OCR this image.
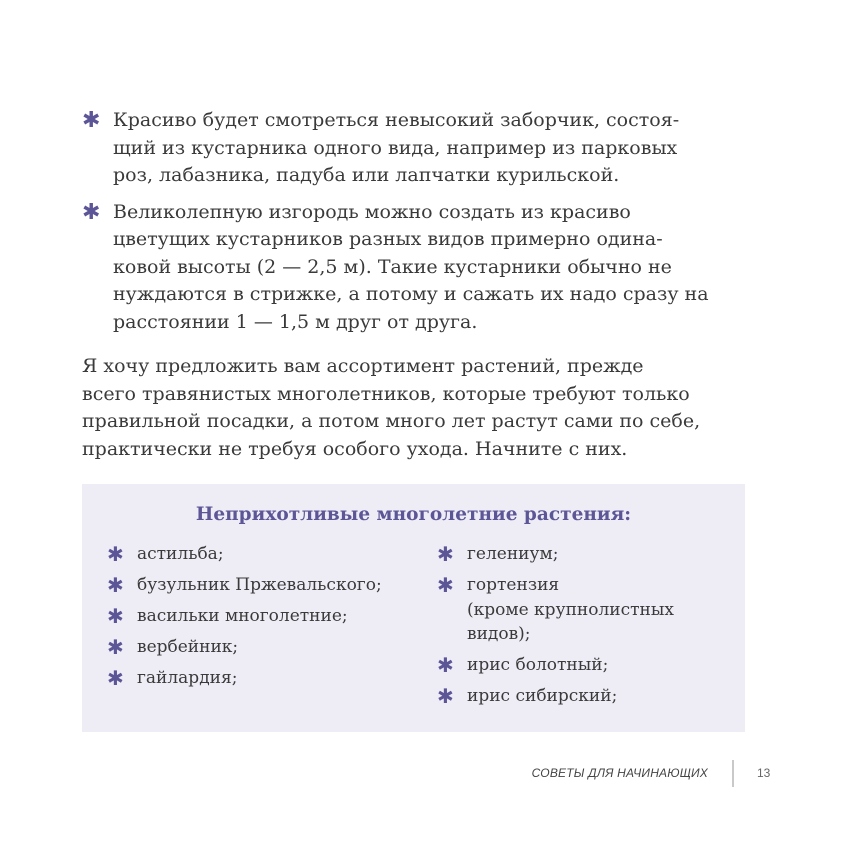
✱ Красиво будет смотреться невысокий заборчик, состоя-
щий из кустарника одного вида, например из парковых
роз, лабазника, падуба или лапчатки курильской.
✱ Великолепную изгородь можно создать из красиво
цветущих кустарников разных видов примерно одина-
ковой высоты (2 — 2,5 м). Такие кустарники обычно не
нуждаются в стрижке, а потому и сажать их надо сразу на
расстоянии 1 — 1,5 м друг от друга.

Я хочу предложить вам ассортимент растений, прежде
всего травянистых многолетников, которые требуют только
правильной посадки, а потом много лет растут сами по себе,
практически не требуя особого ухода. Начните с них.

Неприхотливые многолетние растения:
✱ астильба;
✱ бузульник Пржевальского;
✱ васильки многолетние;
✱ вербейник;
✱ гайлардия;
✱ гелениум;
✱ гортензия
(кроме крупнолистных
видов);
✱ ирис болотный;
✱ ирис сибирский;
СОВЕТЫ ДЛЯ НАЧИНАЮЩИХ	13
